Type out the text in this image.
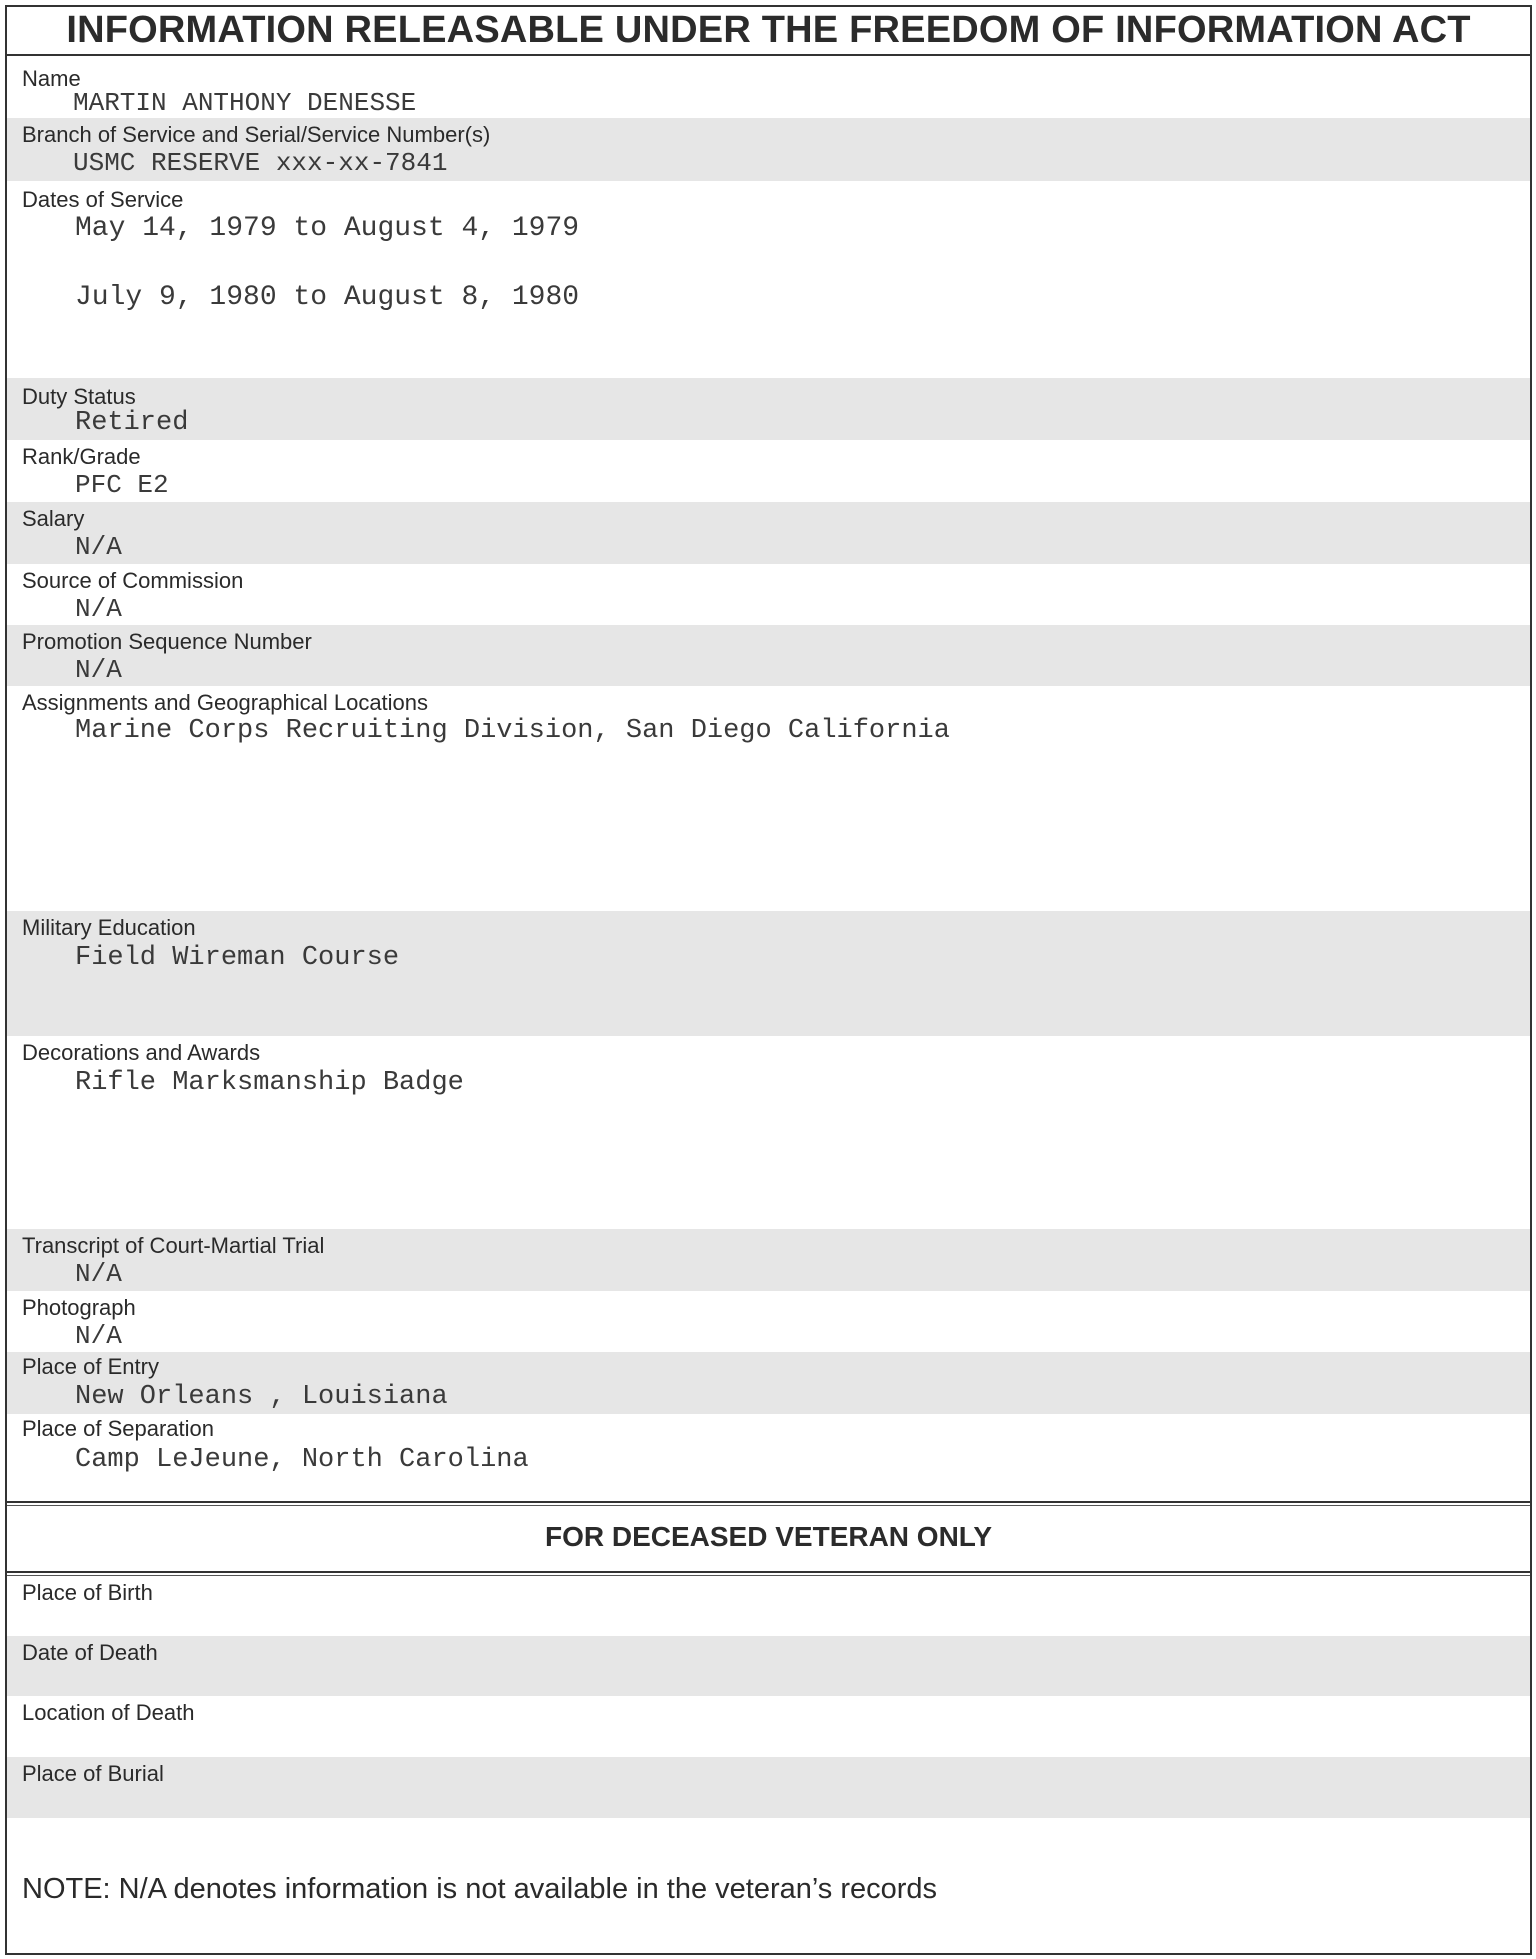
INFORMATION RELEASABLE UNDER THE FREEDOM OF INFORMATION ACT
Name
MARTIN ANTHONY DENESSE
Branch of Service and Serial/Service Number(s)
USMC RESERVE xxx-xx-7841
Dates of Service
May 14, 1979 to August 4, 1979
July 9, 1980 to August 8, 1980
Duty Status
Retired
Rank/Grade
PFC E2
Salary
N/A
Source of Commission
N/A
Promotion Sequence Number
N/A
Assignments and Geographical Locations
Marine Corps Recruiting Division, San Diego California
Military Education
Field Wireman Course
Decorations and Awards
Rifle Marksmanship Badge
Transcript of Court-Martial Trial
N/A
Photograph
N/A
Place of Entry
New Orleans , Louisiana
Place of Separation
Camp LeJeune, North Carolina
FOR DECEASED VETERAN ONLY
Place of Birth
Date of Death
Location of Death
Place of Burial
NOTE: N/A denotes information is not available in the veteran’s records
